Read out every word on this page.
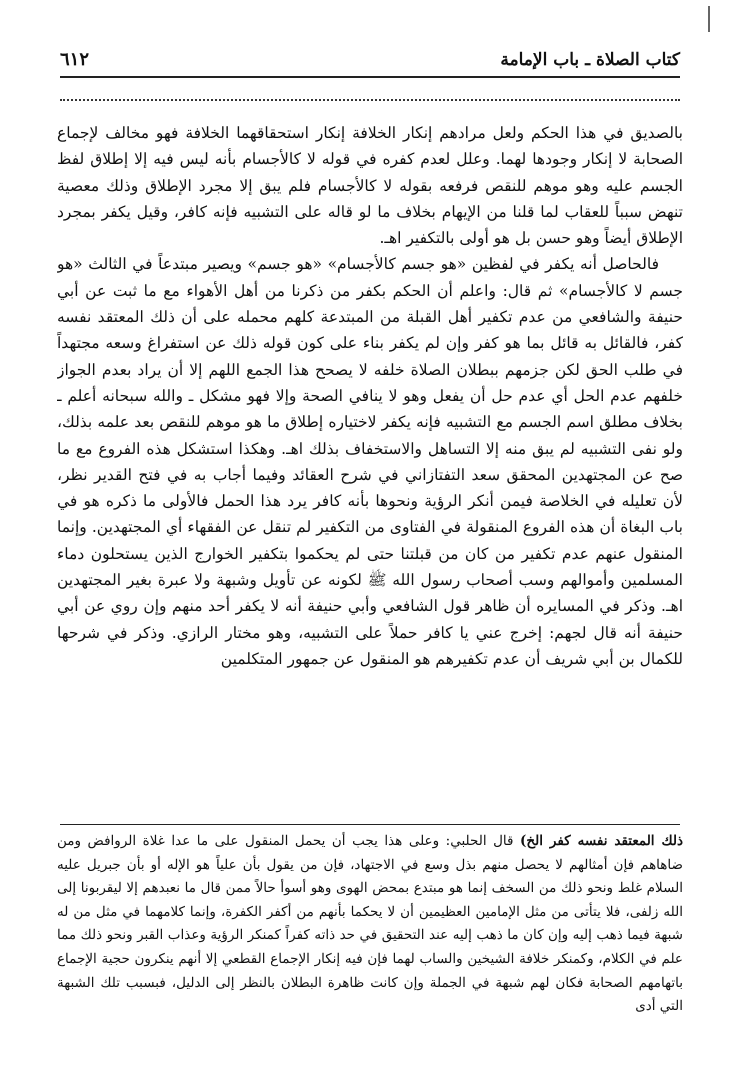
كتاب الصلاة ـ باب الإمامة
٦١٢

بالصديق في هذا الحكم ولعل مرادهم إنكار الخلافة إنكار استحقاقهما الخلافة فهو مخالف لإجماع الصحابة لا إنكار وجودها لهما. وعلل لعدم كفره في قوله لا كالأجسام بأنه ليس فيه إلا إطلاق لفظ الجسم عليه وهو موهم للنقص فرفعه بقوله لا كالأجسام فلم يبق إلا مجرد الإطلاق وذلك معصية تنهض سبباً للعقاب لما قلنا من الإيهام بخلاف ما لو قاله على التشبيه فإنه كافر، وقيل يكفر بمجرد الإطلاق أيضاً وهو حسن بل هو أولى بالتكفير اهـ.

فالحاصل أنه يكفر في لفظين «هو جسم كالأجسام» «هو جسم» ويصير مبتدعاً في الثالث «هو جسم لا كالأجسام» ثم قال: واعلم أن الحكم بكفر من ذكرنا من أهل الأهواء مع ما ثبت عن أبي حنيفة والشافعي من عدم تكفير أهل القبلة من المبتدعة كلهم محمله على أن ذلك المعتقد نفسه كفر، فالقائل به قائل بما هو كفر وإن لم يكفر بناء على كون قوله ذلك عن استفراغ وسعه مجتهداً في طلب الحق لكن جزمهم ببطلان الصلاة خلفه لا يصحح هذا الجمع اللهم إلا أن يراد بعدم الجواز خلفهم عدم الحل أي عدم حل أن يفعل وهو لا ينافي الصحة وإلا فهو مشكل ـ والله سبحانه أعلم ـ بخلاف مطلق اسم الجسم مع التشبيه فإنه يكفر لاختياره إطلاق ما هو موهم للنقص بعد علمه بذلك، ولو نفى التشبيه لم يبق منه إلا التساهل والاستخفاف بذلك اهـ. وهكذا استشكل هذه الفروع مع ما صح عن المجتهدين المحقق سعد التفتازاني في شرح العقائد وفيما أجاب به في فتح القدير نظر، لأن تعليله في الخلاصة فيمن أنكر الرؤية ونحوها بأنه كافر يرد هذا الحمل فالأولى ما ذكره هو في باب البغاة أن هذه الفروع المنقولة في الفتاوى من التكفير لم تنقل عن الفقهاء أي المجتهدين. وإنما المنقول عنهم عدم تكفير من كان من قبلتنا حتى لم يحكموا بتكفير الخوارج الذين يستحلون دماء المسلمين وأموالهم وسب أصحاب رسول الله ﷺ لكونه عن تأويل وشبهة ولا عبرة بغير المجتهدين اهـ. وذكر في المسايره أن ظاهر قول الشافعي وأبي حنيفة أنه لا يكفر أحد منهم وإن روي عن أبي حنيفة أنه قال لجهم: إخرج عني يا كافر حملاً على التشبيه، وهو مختار الرازي. وذكر في شرحها للكمال بن أبي شريف أن عدم تكفيرهم هو المنقول عن جمهور المتكلمين

ذلك المعتقد نفسه كفر الخ) قال الحلبي: وعلى هذا يجب أن يحمل المنقول على ما عدا غلاة الروافض ومن ضاهاهم فإن أمثالهم لا يحصل منهم بذل وسع في الاجتهاد، فإن من يقول بأن علياً هو الإله أو بأن جبريل عليه السلام غلط ونحو ذلك من السخف إنما هو مبتدع بمحض الهوى وهو أسوأ حالاً ممن قال ما نعبدهم إلا ليقربونا إلى الله زلفى، فلا يتأتى من مثل الإمامين العظيمين أن لا يحكما بأنهم من أكفر الكفرة، وإنما كلامهما في مثل من له شبهة فيما ذهب إليه وإن كان ما ذهب إليه عند التحقيق في حد ذاته كفراً كمنكر الرؤية وعذاب القبر ونحو ذلك مما علم في الكلام، وكمنكر خلافة الشيخين والساب لهما فإن فيه إنكار الإجماع القطعي إلا أنهم ينكرون حجية الإجماع باتهامهم الصحابة فكان لهم شبهة في الجملة وإن كانت ظاهرة البطلان بالنظر إلى الدليل، فبسبب تلك الشبهة التي أدى
